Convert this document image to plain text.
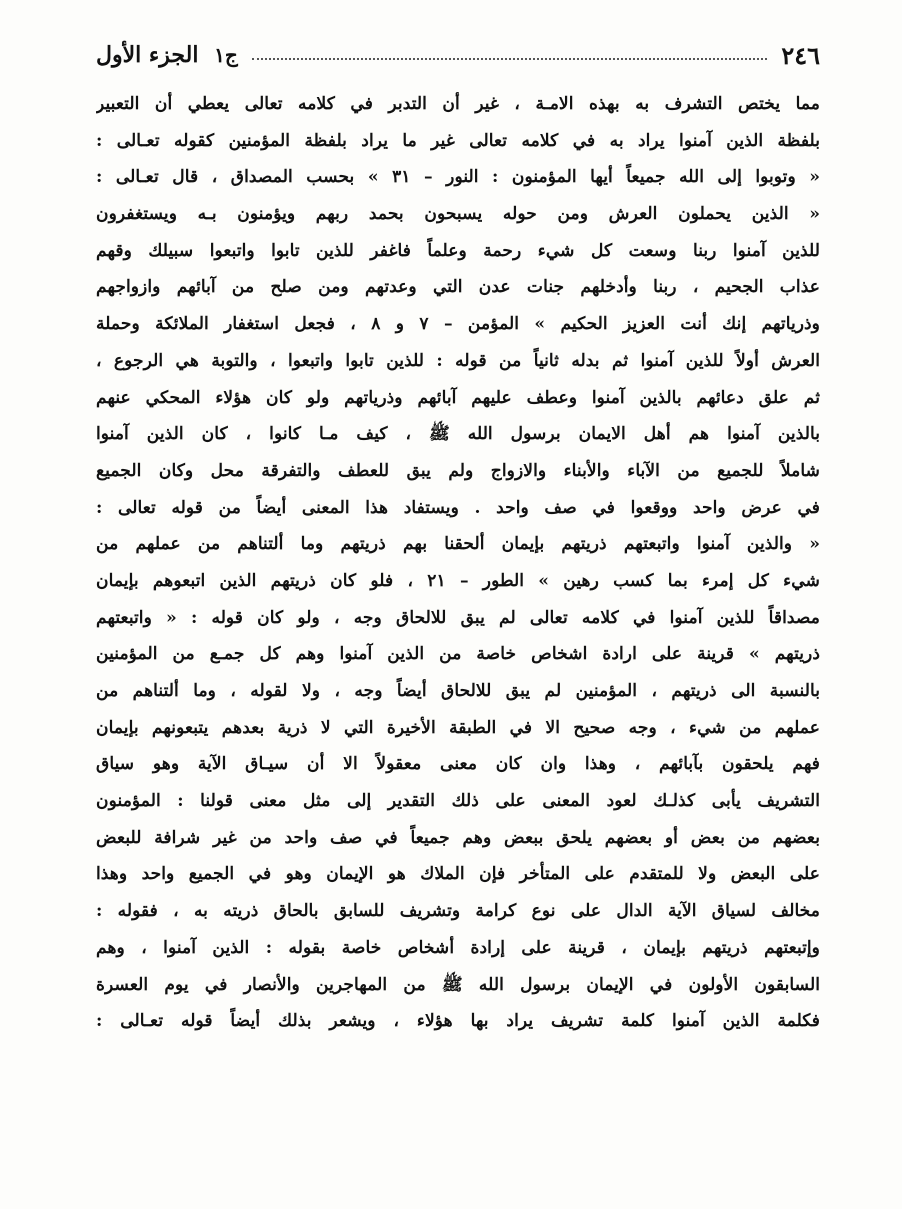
٢٤٦
ج١ الجزء الأول
مما يختص التشرف به بهذه الامـة ، غير أن التدبر في كلامه تعالى يعطي أن التعبير
بلفظة الذين آمنوا يراد به في كلامه تعالى غير ما يراد بلفظة المؤمنين كقوله تعـالى :
« وتوبوا إلى الله جميعاً أيها المؤمنون : النور – ٣١ » بحسب المصداق ، قال تعـالى :
« الذين يحملون العرش ومن حوله يسبحون بحمد ربهم ويؤمنون بـه ويستغفرون
للذين آمنوا ربنا وسعت كل شيء رحمة وعلماً فاغفر للذين تابوا واتبعوا سبيلك وقهم
عذاب الجحيم ، ربنا وأدخلهم جنات عدن التي وعدتهم ومن صلح من آبائهم وازواجهم
وذرياتهم إنك أنت العزيز الحكيم » المؤمن – ٧ و ٨ ، فجعل استغفار الملائكة وحملة
العرش أولاً للذين آمنوا ثم بدله ثانياً من قوله : للذين تابوا واتبعوا ، والتوبة هي الرجوع ،
ثم علق دعائهم بالذين آمنوا وعطف عليهم آبائهم وذرياتهم ولو كان هؤلاء المحكي عنهم
بالذين آمنوا هم أهل الايمان برسول الله ﷺ ، كيف مـا كانوا ، كان الذين آمنوا
شاملاً للجميع من الآباء والأبناء والازواج ولم يبق للعطف والتفرقة محل وكان الجميع
في عرض واحد ووقعوا في صف واحد . ويستفاد هذا المعنى أيضاً من قوله تعالى :
« والذين آمنوا واتبعتهم ذريتهم بإيمان ألحقنا بهم ذريتهم وما ألتناهم من عملهم من
شيء كل إمرء بما كسب رهين » الطور – ٢١ ، فلو كان ذريتهم الذين اتبعوهم بإيمان
مصداقاً للذين آمنوا في كلامه تعالى لم يبق للالحاق وجه ، ولو كان قوله : « واتبعتهم
ذريتهم » قرينة على ارادة اشخاص خاصة من الذين آمنوا وهم كل جمـع من المؤمنين
بالنسبة الى ذريتهم ، المؤمنين لم يبق للالحاق أيضاً وجه ، ولا لقوله ، وما ألتناهم من
عملهم من شيء ، وجه صحيح الا في الطبقة الأخيرة التي لا ذرية بعدهم يتبعونهم بإيمان
فهم يلحقون بآبائهم ، وهذا وان كان معنى معقولاً الا أن سيـاق الآية وهو سياق
التشريف يأبى كذلـك لعود المعنى على ذلك التقدير إلى مثل معنى قولنا : المؤمنون
بعضهم من بعض أو بعضهم يلحق ببعض وهم جميعاً في صف واحد من غير شرافة للبعض
على البعض ولا للمتقدم على المتأخر فإن الملاك هو الإيمان وهو في الجميع واحد وهذا
مخالف لسياق الآية الدال على نوع كرامة وتشريف للسابق بالحاق ذريته به ، فقوله :
وإتبعتهم ذريتهم بإيمان ، قرينة على إرادة أشخاص خاصة بقوله : الذين آمنوا ، وهم
السابقون الأولون في الإيمان برسول الله ﷺ من المهاجرين والأنصار في يوم العسرة
فكلمة الذين آمنوا كلمة تشريف يراد بها هؤلاء ، ويشعر بذلك أيضاً قوله تعـالى :
